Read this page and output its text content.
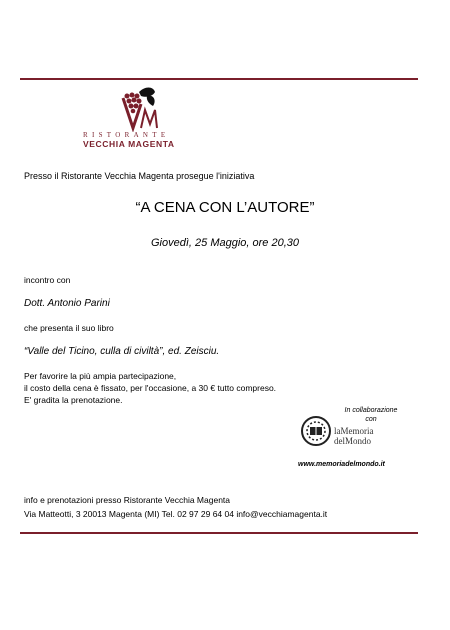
RISTORANTE
VECCHIA MAGENTA
Presso il Ristorante Vecchia Magenta prosegue l'iniziativa
“A CENA CON L’AUTORE”
Giovedì, 25 Maggio, ore 20,30
incontro con
Dott. Antonio Parini
che presenta il suo libro
“Valle del Ticino, culla di civiltà”, ed. Zeisciu.
Per favorire la più ampia partecipazione,
il costo della cena è fissato, per l'occasione, a 30 € tutto compreso.
E' gradita la prenotazione.
In collaborazione
con
laMemoria
delMondo
www.memoriadelmondo.it
info e prenotazioni presso Ristorante Vecchia Magenta
Via Matteotti, 3 20013 Magenta (MI) Tel. 02 97 29 64 04 info@vecchiamagenta.it
